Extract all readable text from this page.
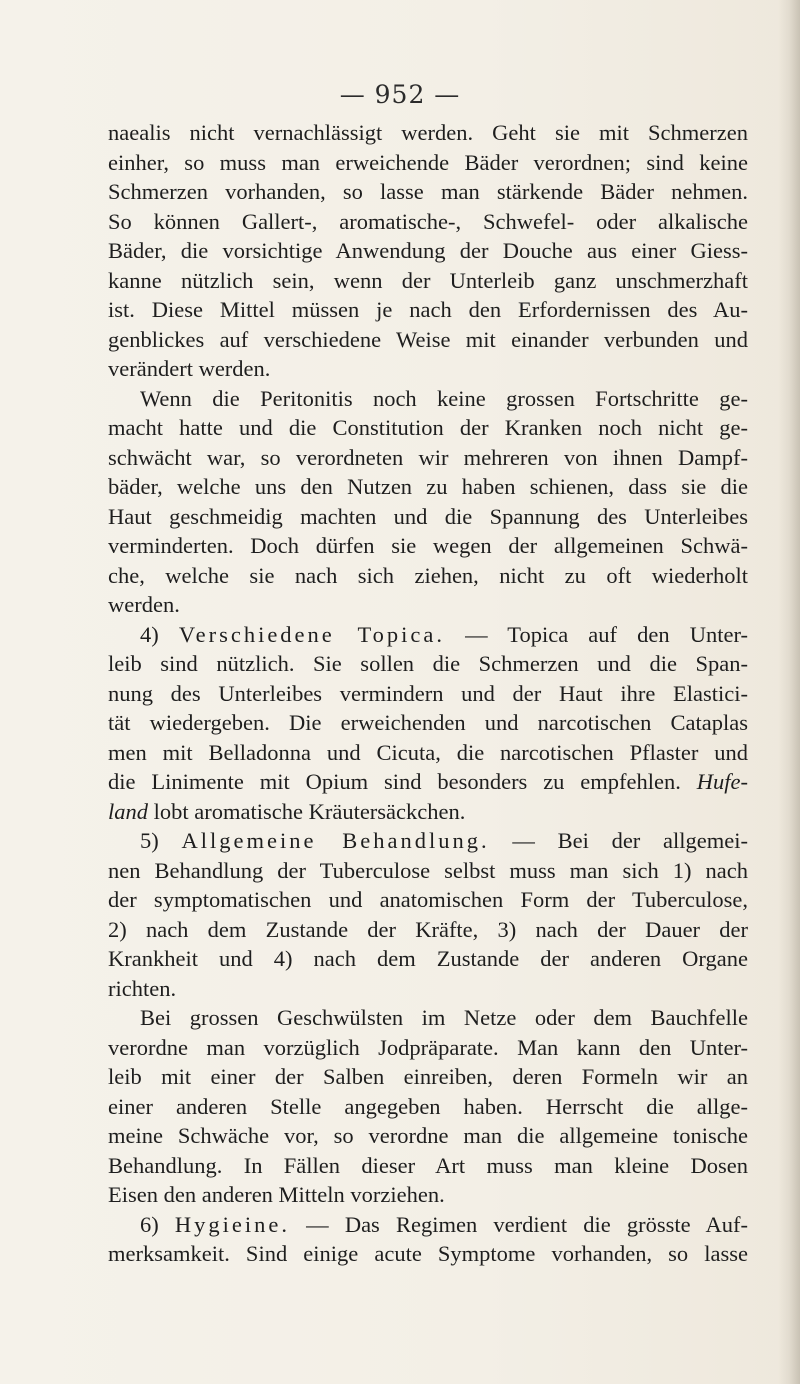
— 952 —
naealis nicht vernachlässigt werden. Geht sie mit Schmerzen
einher, so muss man erweichende Bäder verordnen; sind keine
Schmerzen vorhanden, so lasse man stärkende Bäder nehmen.
So können Gallert-, aromatische-, Schwefel- oder alkalische
Bäder, die vorsichtige Anwendung der Douche aus einer Giess-
kanne nützlich sein, wenn der Unterleib ganz unschmerzhaft
ist. Diese Mittel müssen je nach den Erfordernissen des Au-
genblickes auf verschiedene Weise mit einander verbunden und
verändert werden.
Wenn die Peritonitis noch keine grossen Fortschritte ge-
macht hatte und die Constitution der Kranken noch nicht ge-
schwächt war, so verordneten wir mehreren von ihnen Dampf-
bäder, welche uns den Nutzen zu haben schienen, dass sie die
Haut geschmeidig machten und die Spannung des Unterleibes
verminderten. Doch dürfen sie wegen der allgemeinen Schwä-
che, welche sie nach sich ziehen, nicht zu oft wiederholt
werden.
4) Verschiedene Topica. — Topica auf den Unter-
leib sind nützlich. Sie sollen die Schmerzen und die Span-
nung des Unterleibes vermindern und der Haut ihre Elastici-
tät wiedergeben. Die erweichenden und narcotischen Cataplas
men mit Belladonna und Cicuta, die narcotischen Pflaster und
die Linimente mit Opium sind besonders zu empfehlen. Hufe-
land lobt aromatische Kräutersäckchen.
5) Allgemeine Behandlung. — Bei der allgemei-
nen Behandlung der Tuberculose selbst muss man sich 1) nach
der symptomatischen und anatomischen Form der Tuberculose,
2) nach dem Zustande der Kräfte, 3) nach der Dauer der
Krankheit und 4) nach dem Zustande der anderen Organe
richten.
Bei grossen Geschwülsten im Netze oder dem Bauchfelle
verordne man vorzüglich Jodpräparate. Man kann den Unter-
leib mit einer der Salben einreiben, deren Formeln wir an
einer anderen Stelle angegeben haben. Herrscht die allge-
meine Schwäche vor, so verordne man die allgemeine tonische
Behandlung. In Fällen dieser Art muss man kleine Dosen
Eisen den anderen Mitteln vorziehen.
6) Hygieine. — Das Regimen verdient die grösste Auf-
merksamkeit. Sind einige acute Symptome vorhanden, so lasse
